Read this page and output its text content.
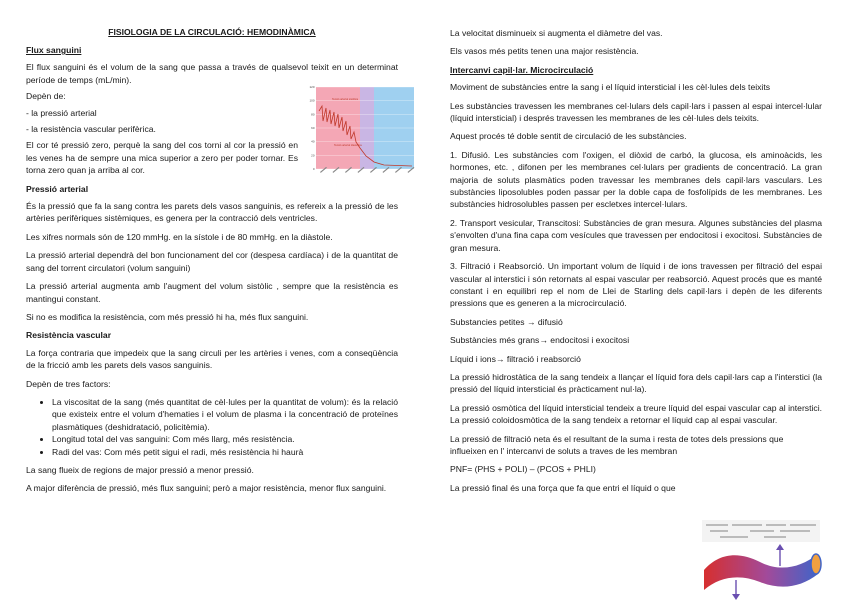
FISIOLOGIA DE LA CIRCULACIÓ: HEMODINÀMICA
Flux sanguini

El flux sanguini és el volum de la sang que passa a través de qualsevol teixit en un determinat període de temps (mL/min).

Depèn de:

- la pressió arterial

- la resistència vascular perifèrica.

El cor té pressió zero, perquè la sang del cos torni al cor la pressió en les venes ha de sempre una mica superior a zero per poder tornar. Es torna zero quan ja arriba al cor.

Pressió arterial

És la pressió que fa la sang contra les parets dels vasos sanguinis, es refereix a la pressió de les artèries perifèriques sistèmiques, es genera per la contracció dels ventricles.

Les xifres normals són de 120 mmHg. en la sístole i de 80 mmHg. en la diàstole.

La pressió arterial dependrà del bon funcionament del cor (despesa cardíaca) i de la quantitat de sang del torrent circulatori (volum sanguini)

La pressió arterial augmenta amb l'augment del volum sistòlic , sempre que la resistència es mantingui constant.

Si no es modifica la resistència, com més pressió hi ha, més flux sanguini.

Resistència vascular

La força contraria que impedeix que la sang circuli per les artèries i venes, com a conseqüència de la fricció amb les parets dels vasos sanguinis.

Depèn de tres factors:

• La viscositat de la sang (més quantitat de cèl·lules per la quantitat de volum): és la relació que existeix entre el volum d'hematies i el volum de plasma i la concentració de proteïnes plasmàtiques (deshidratació, policitèmia).
• Longitud total del vas sanguini: Com més llarg, més resistència.
• Radi del vas: Com més petit sigui el radi, més resistència hi haurà

La sang flueix de regions de major pressió a menor pressió.

A major diferència de pressió, més flux sanguini; però a major resistència, menor flux sanguini.

0
20
40
60
80
100
120
Tensió arterial sistòlica
Tensió arterial diastòlica

La velocitat disminueix si augmenta el diàmetre del vas.

Els vasos més petits tenen una major resistència.

Intercanvi capil·lar. Microcirculació

Moviment de substàncies entre la sang i el líquid intersticial i les cèl·lules dels teixits

Les substàncies travessen les membranes cel·lulars dels capil·lars i passen al espai intercel·lular (líquid intersticial) i després travessen les membranes de les cèl·lules dels teixits.

Aquest procés té doble sentit de circulació de les substàncies.

1. Difusió. Les substàncies com l'oxigen, el diòxid de carbó, la glucosa, els aminoàcids, les hormones, etc. , difonen per les membranes cel·lulars per gradients de concentració. La gran majoria de soluts plasmàtics poden travessar les membranes dels capil·lars vasculars. Les substàncies liposolubles poden passar per la doble capa de fosfolípids de les membranes. Les substàncies hidrosolubles passen per escletxes intercel·lulars.

2. Transport vesicular, Transcitosi: Substàncies de gran mesura. Algunes substàncies del plasma s'envolten d'una fina capa com vesícules que travessen per endocitosi i exocitosi. Substàncies de gran mesura.

3. Filtració i Reabsorció. Un important volum de líquid i de ions travessen per filtració del espai vascular al interstici i són retornats al espai vascular per reabsorció. Aquest procés que es manté constant i en equilibri rep el nom de Llei de Starling dels capil·lars i depèn de les diferents pressions que es generen a la microcirculació.

Substancies petites → difusió

Substàncies més grans→ endocitosi i exocitosi

Líquid i ions→ filtració i reabsorció

La pressió hidrostàtica de la sang tendeix a llançar el líquid fora dels capil·lars cap a l'interstici (la pressió del líquid intersticial és pràcticament nul·la).

La pressió osmòtica del líquid intersticial tendeix a treure líquid del espai vascular cap al interstici. La pressió coloidosmòtica de la sang tendeix a retornar el líquid cap al espai vascular.

La pressió de filtració neta és el resultant de la suma i resta de totes dels pressions que

influeixen en l' intercanvi de soluts a traves de les membran

PNF= (PHS + POLI) – (PCOS + PHLI)

La pressió final és una força que fa que entri el líquid o que
